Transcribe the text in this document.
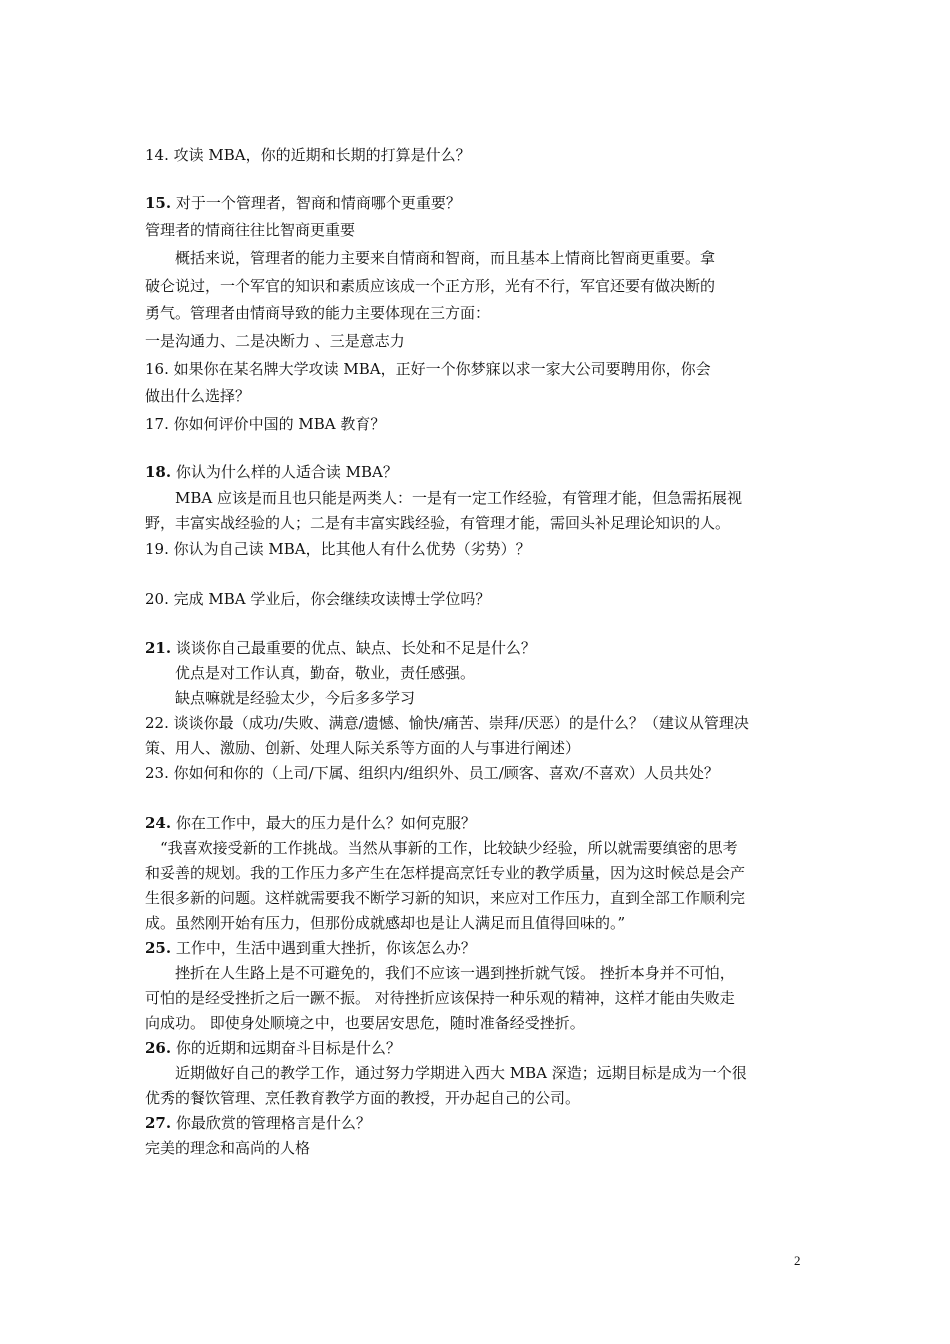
14. 攻读 MBA，你的近期和长期的打算是什么？
15. 对于一个管理者，智商和情商哪个更重要？
管理者的情商往往比智商更重要
概括来说，管理者的能力主要来自情商和智商，而且基本上情商比智商更重要。拿
破仑说过，一个军官的知识和素质应该成一个正方形，光有不行，军官还要有做决断的
勇气。管理者由情商导致的能力主要体现在三方面：
一是沟通力、二是决断力 、三是意志力
16. 如果你在某名牌大学攻读 MBA，正好一个你梦寐以求一家大公司要聘用你，你会
做出什么选择？
17. 你如何评价中国的 MBA 教育？
18. 你认为什么样的人适合读 MBA？
MBA 应该是而且也只能是两类人：一是有一定工作经验，有管理才能，但急需拓展视
野，丰富实战经验的人；二是有丰富实践经验，有管理才能，需回头补足理论知识的人。
19. 你认为自己读 MBA，比其他人有什么优势（劣势）？
20. 完成 MBA 学业后，你会继续攻读博士学位吗？
21. 谈谈你自己最重要的优点、缺点、长处和不足是什么？
优点是对工作认真，勤奋，敬业，责任感强。
缺点嘛就是经验太少，今后多多学习
22. 谈谈你最（成功/失败、满意/遗憾、愉快/痛苦、崇拜/厌恶）的是什么？（建议从管理决
策、用人、激励、创新、处理人际关系等方面的人与事进行阐述）
23. 你如何和你的（上司/下属、组织内/组织外、员工/顾客、喜欢/不喜欢）人员共处？
24. 你在工作中，最大的压力是什么？如何克服？
“我喜欢接受新的工作挑战。当然从事新的工作，比较缺少经验，所以就需要缜密的思考
和妥善的规划。我的工作压力多产生在怎样提高烹饪专业的教学质量，因为这时候总是会产
生很多新的问题。这样就需要我不断学习新的知识，来应对工作压力，直到全部工作顺利完
成。虽然刚开始有压力，但那份成就感却也是让人满足而且值得回味的。”
25. 工作中，生活中遇到重大挫折，你该怎么办？
挫折在人生路上是不可避免的，我们不应该一遇到挫折就气馁。 挫折本身并不可怕，
可怕的是经受挫折之后一蹶不振。 对待挫折应该保持一种乐观的精神，这样才能由失败走
向成功。 即使身处顺境之中，也要居安思危，随时准备经受挫折。
26. 你的近期和远期奋斗目标是什么？
近期做好自己的教学工作，通过努力学期进入西大 MBA 深造；远期目标是成为一个很
优秀的餐饮管理、烹任教育教学方面的教授，开办起自己的公司。
27. 你最欣赏的管理格言是什么？
完美的理念和高尚的人格
2
